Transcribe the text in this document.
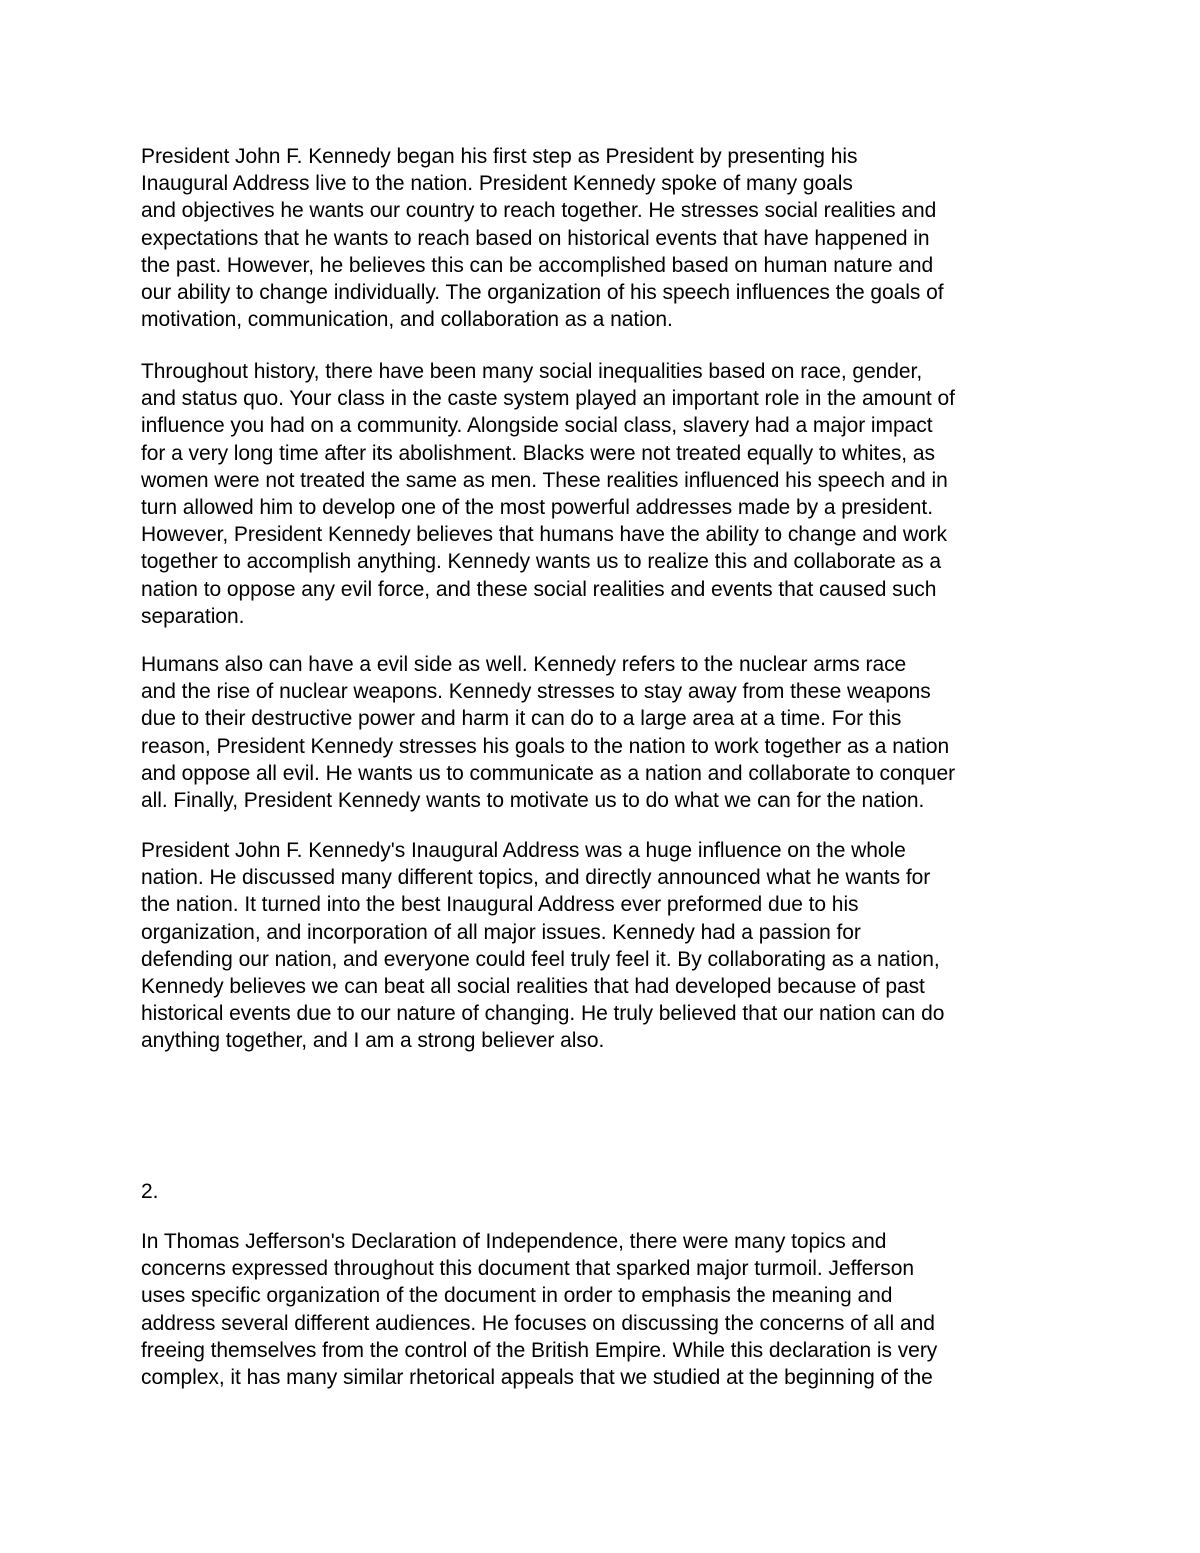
President John F. Kennedy began his first step as President by presenting his
Inaugural Address live to the nation. President Kennedy spoke of many goals
and objectives he wants our country to reach together. He stresses social realities and
expectations that he wants to reach based on historical events that have happened in
the past. However, he believes this can be accomplished based on human nature and
our ability to change individually. The organization of his speech influences the goals of
motivation, communication, and collaboration as a nation.

Throughout history, there have been many social inequalities based on race, gender,
and status quo. Your class in the caste system played an important role in the amount of
influence you had on a community. Alongside social class, slavery had a major impact
for a very long time after its abolishment. Blacks were not treated equally to whites, as
women were not treated the same as men. These realities influenced his speech and in
turn allowed him to develop one of the most powerful addresses made by a president.
However, President Kennedy believes that humans have the ability to change and work
together to accomplish anything. Kennedy wants us to realize this and collaborate as a
nation to oppose any evil force, and these social realities and events that caused such
separation.

Humans also can have a evil side as well. Kennedy refers to the nuclear arms race
and the rise of nuclear weapons. Kennedy stresses to stay away from these weapons
due to their destructive power and harm it can do to a large area at a time. For this
reason, President Kennedy stresses his goals to the nation to work together as a nation
and oppose all evil. He wants us to communicate as a nation and collaborate to conquer
all. Finally, President Kennedy wants to motivate us to do what we can for the nation.

President John F. Kennedy's Inaugural Address was a huge influence on the whole
nation. He discussed many different topics, and directly announced what he wants for
the nation. It turned into the best Inaugural Address ever preformed due to his
organization, and incorporation of all major issues. Kennedy had a passion for
defending our nation, and everyone could feel truly feel it. By collaborating as a nation,
Kennedy believes we can beat all social realities that had developed because of past
historical events due to our nature of changing. He truly believed that our nation can do
anything together, and I am a strong believer also.

2.

In Thomas Jefferson's Declaration of Independence, there were many topics and
concerns expressed throughout this document that sparked major turmoil. Jefferson
uses specific organization of the document in order to emphasis the meaning and
address several different audiences. He focuses on discussing the concerns of all and
freeing themselves from the control of the British Empire. While this declaration is very
complex, it has many similar rhetorical appeals that we studied at the beginning of the
